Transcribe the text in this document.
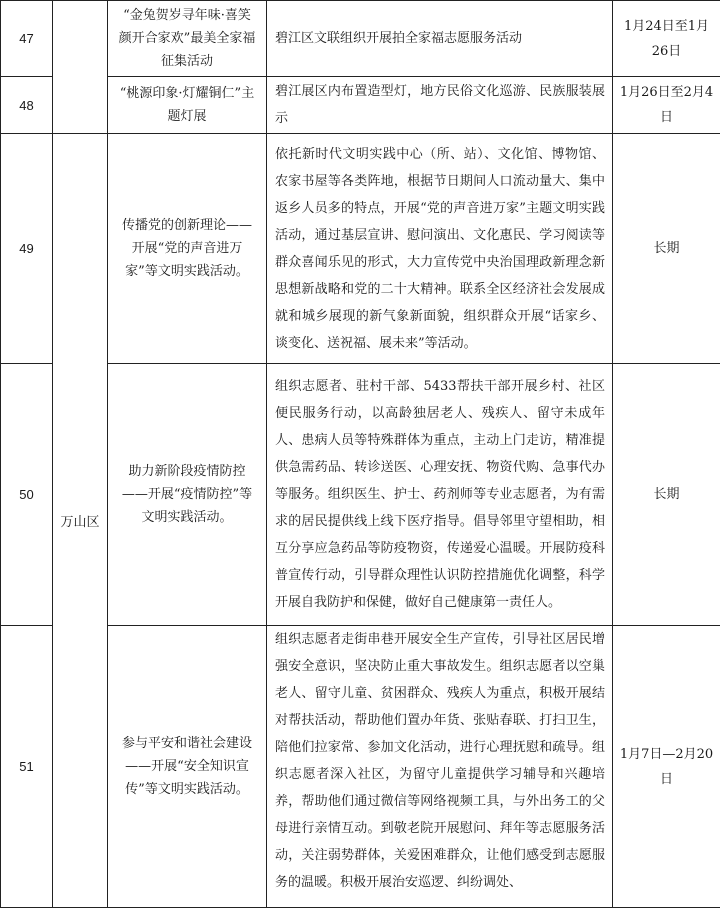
47		“金兔贺岁寻年味·喜笑颜开合家欢”最美全家福征集活动	碧江区文联组织开展拍全家福志愿服务活动	1月24日至1月26日
48		“桃源印象·灯耀铜仁”主题灯展	碧江展区内布置造型灯，地方民俗文化巡游、民族服装展示	1月26日至2月4日
49	万山区	传播党的创新理论——开展“党的声音进万家”等文明实践活动。	依托新时代文明实践中心（所、站）、文化馆、博物馆、农家书屋等各类阵地，根据节日期间人口流动量大、集中返乡人员多的特点，开展“党的声音进万家”主题文明实践活动，通过基层宣讲、慰问演出、文化惠民、学习阅读等群众喜闻乐见的形式，大力宣传党中央治国理政新理念新思想新战略和党的二十大精神。联系全区经济社会发展成就和城乡展现的新气象新面貌，组织群众开展“话家乡、谈变化、送祝福、展未来”等活动。	长期
50		助力新阶段疫情防控——开展“疫情防控”等文明实践活动。	组织志愿者、驻村干部、5433帮扶干部开展乡村、社区便民服务行动，以高龄独居老人、残疾人、留守未成年人、患病人员等特殊群体为重点，主动上门走访，精准提供急需药品、转诊送医、心理安抚、物资代购、急事代办等服务。组织医生、护士、药剂师等专业志愿者，为有需求的居民提供线上线下医疗指导。倡导邻里守望相助，相互分享应急药品等防疫物资，传递爱心温暖。开展防疫科普宣传行动，引导群众理性认识防控措施优化调整，科学开展自我防护和保健，做好自己健康第一责任人。	长期
51		参与平安和谐社会建设——开展“安全知识宣传”等文明实践活动。	组织志愿者走街串巷开展安全生产宣传，引导社区居民增强安全意识，坚决防止重大事故发生。组织志愿者以空巢老人、留守儿童、贫困群众、残疾人为重点，积极开展结对帮扶活动，帮助他们置办年货、张贴春联、打扫卫生，陪他们拉家常、参加文化活动，进行心理抚慰和疏导。组织志愿者深入社区，为留守儿童提供学习辅导和兴趣培养，帮助他们通过微信等网络视频工具，与外出务工的父母进行亲情互动。到敬老院开展慰问、拜年等志愿服务活动，关注弱势群体，关爱困难群众，让他们感受到志愿服务的温暖。积极开展治安巡逻、纠纷调处、	1月7日—2月20日
